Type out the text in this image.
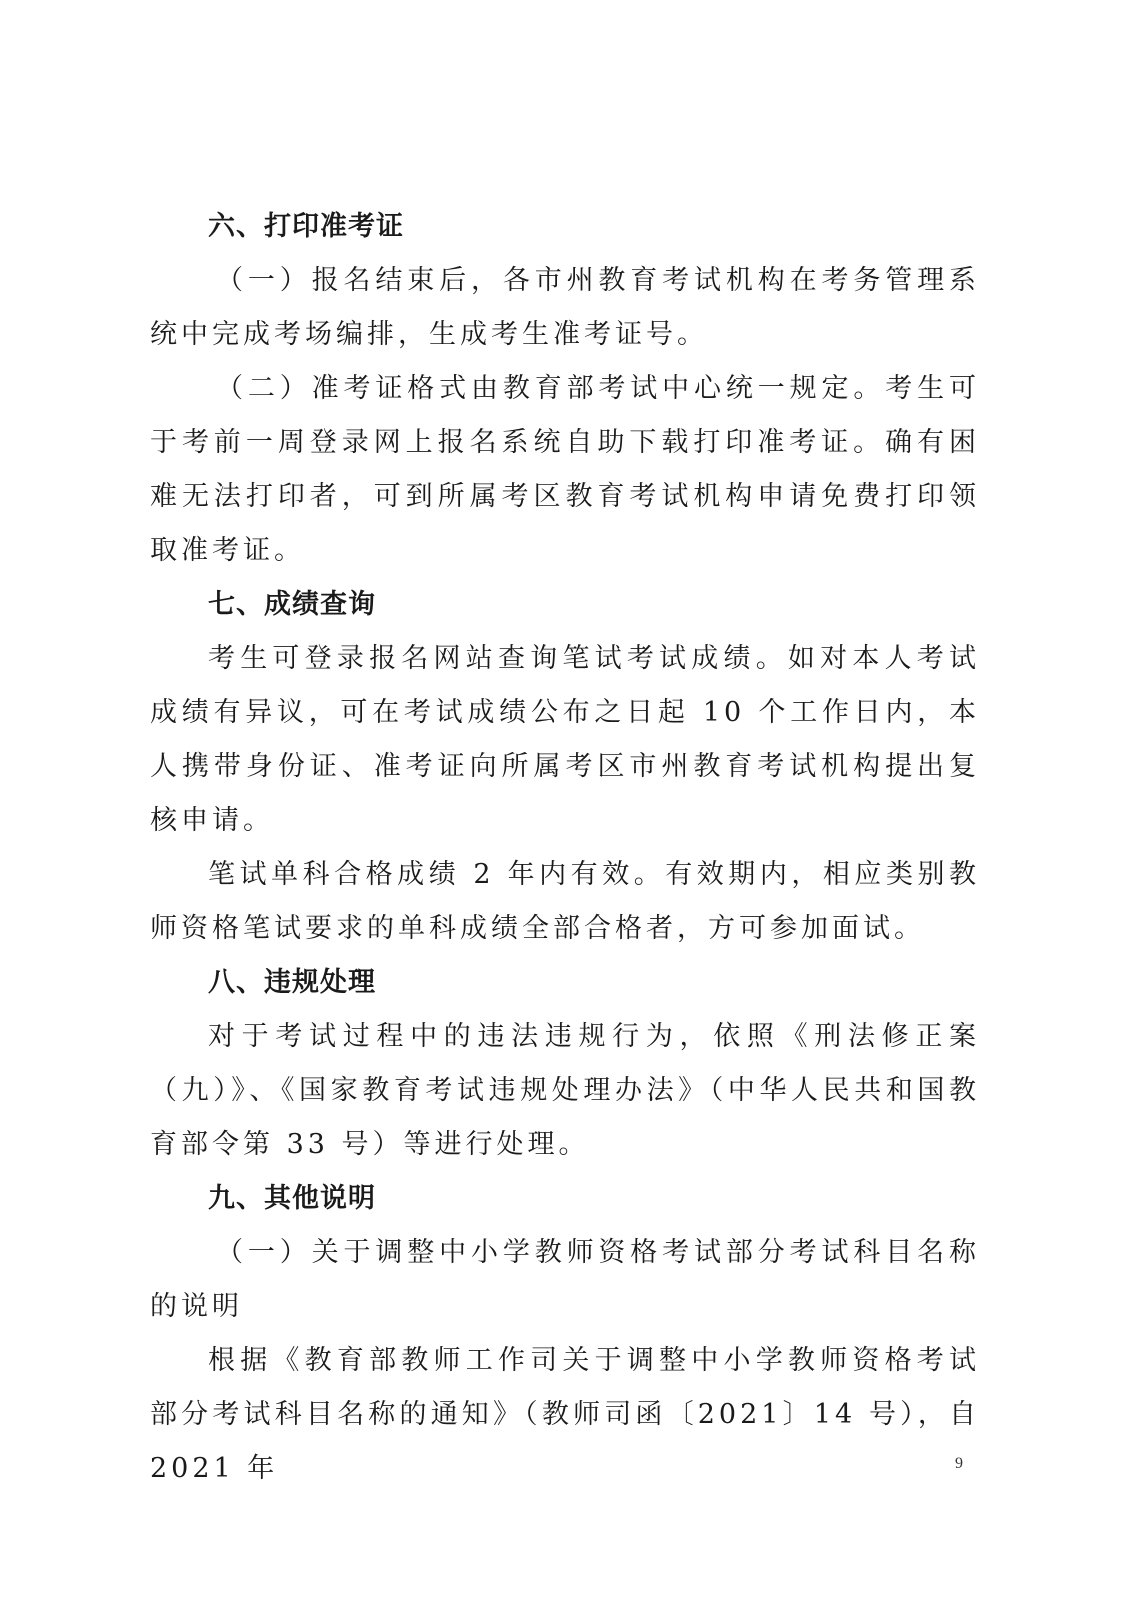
六、打印准考证

（一）报名结束后，各市州教育考试机构在考务管理系统中完成考场编排，生成考生准考证号。

（二）准考证格式由教育部考试中心统一规定。考生可于考前一周登录网上报名系统自助下载打印准考证。确有困难无法打印者，可到所属考区教育考试机构申请免费打印领取准考证。

七、成绩查询

考生可登录报名网站查询笔试考试成绩。如对本人考试成绩有异议，可在考试成绩公布之日起 10 个工作日内，本人携带身份证、准考证向所属考区市州教育考试机构提出复核申请。

笔试单科合格成绩 2 年内有效。有效期内，相应类别教师资格笔试要求的单科成绩全部合格者，方可参加面试。

八、违规处理

对于考试过程中的违法违规行为，依照《刑法修正案（九）》、《国家教育考试违规处理办法》（中华人民共和国教育部令第 33 号）等进行处理。

九、其他说明

（一）关于调整中小学教师资格考试部分考试科目名称的说明

根据《教育部教师工作司关于调整中小学教师资格考试部分考试科目名称的通知》（教师司函〔2021〕14 号），自 2021 年	9
